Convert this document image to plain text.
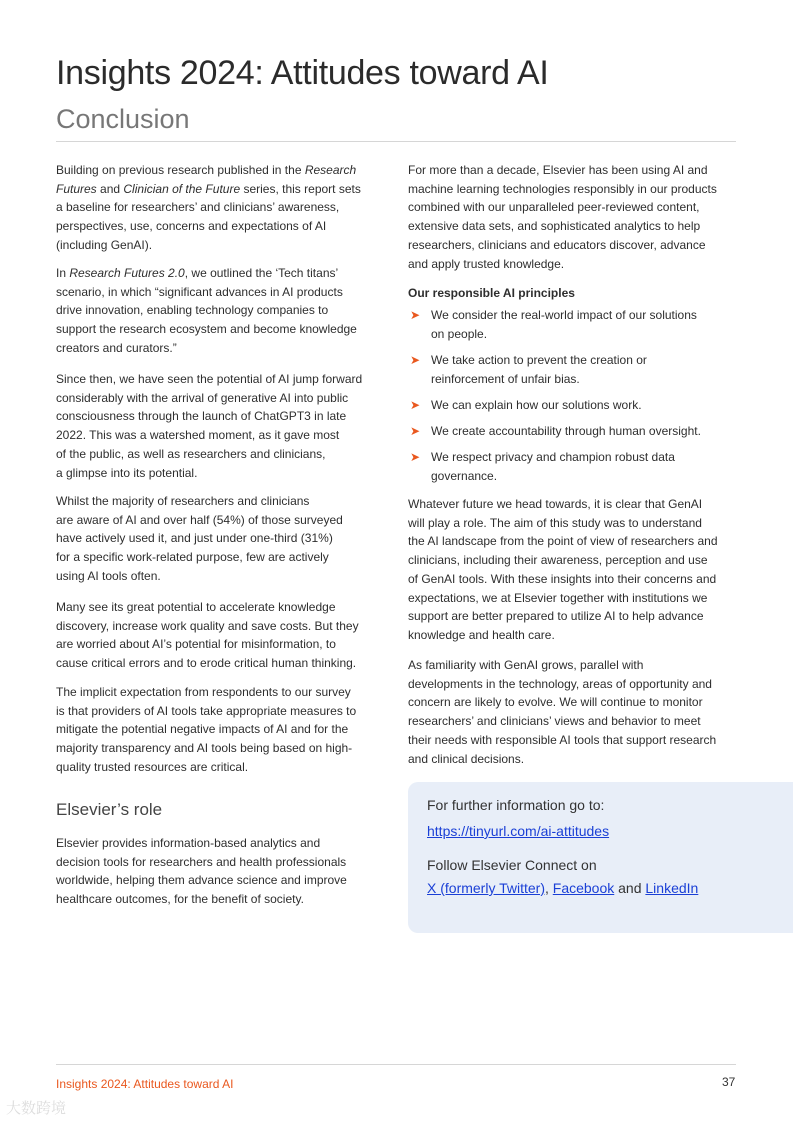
Insights 2024: Attitudes toward AI
Conclusion
Building on previous research published in the Research
Futures and Clinician of the Future series, this report sets
a baseline for researchers’ and clinicians’ awareness,
perspectives, use, concerns and expectations of AI
(including GenAI).
In Research Futures 2.0, we outlined the ‘Tech titans’
scenario, in which “significant advances in AI products
drive innovation, enabling technology companies to
support the research ecosystem and become knowledge
creators and curators.”
Since then, we have seen the potential of AI jump forward
considerably with the arrival of generative AI into public
consciousness through the launch of ChatGPT3 in late
2022. This was a watershed moment, as it gave most
of the public, as well as researchers and clinicians,
a glimpse into its potential.
Whilst the majority of researchers and clinicians
are aware of AI and over half (54%) of those surveyed
have actively used it, and just under one-third (31%)
for a specific work-related purpose, few are actively
using AI tools often.
Many see its great potential to accelerate knowledge
discovery, increase work quality and save costs. But they
are worried about AI’s potential for misinformation, to
cause critical errors and to erode critical human thinking.
The implicit expectation from respondents to our survey
is that providers of AI tools take appropriate measures to
mitigate the potential negative impacts of AI and for the
majority transparency and AI tools being based on high-
quality trusted resources are critical.
Elsevier’s role
Elsevier provides information-based analytics and
decision tools for researchers and health professionals
worldwide, helping them advance science and improve
healthcare outcomes, for the benefit of society.
For more than a decade, Elsevier has been using AI and
machine learning technologies responsibly in our products
combined with our unparalleled peer-reviewed content,
extensive data sets, and sophisticated analytics to help
researchers, clinicians and educators discover, advance
and apply trusted knowledge.
Our responsible AI principles
➤ We consider the real-world impact of our solutions
on people.
➤ We take action to prevent the creation or
reinforcement of unfair bias.
➤ We can explain how our solutions work.
➤ We create accountability through human oversight.
➤ We respect privacy and champion robust data
governance.
Whatever future we head towards, it is clear that GenAI
will play a role. The aim of this study was to understand
the AI landscape from the point of view of researchers and
clinicians, including their awareness, perception and use
of GenAI tools. With these insights into their concerns and
expectations, we at Elsevier together with institutions we
support are better prepared to utilize AI to help advance
knowledge and health care.
As familiarity with GenAI grows, parallel with
developments in the technology, areas of opportunity and
concern are likely to evolve. We will continue to monitor
researchers’ and clinicians’ views and behavior to meet
their needs with responsible AI tools that support research
and clinical decisions.
For further information go to:
https://tinyurl.com/ai-attitudes
Follow Elsevier Connect on
X (formerly Twitter), Facebook and LinkedIn
Insights 2024: Attitudes toward AI	37
大数跨境
